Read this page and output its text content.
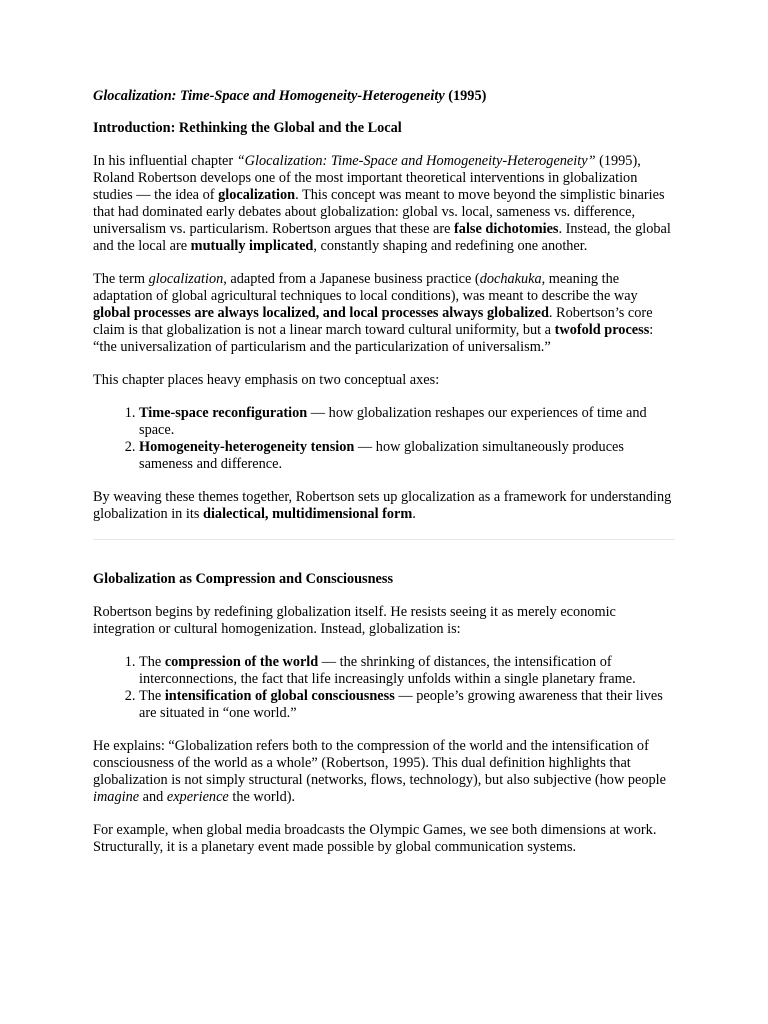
Glocalization: Time-Space and Homogeneity-Heterogeneity (1995)
Introduction: Rethinking the Global and the Local

In his influential chapter “Glocalization: Time-Space and Homogeneity-Heterogeneity” (1995), Roland Robertson develops one of the most important theoretical interventions in globalization studies — the idea of glocalization. This concept was meant to move beyond the simplistic binaries that had dominated early debates about globalization: global vs. local, sameness vs. difference, universalism vs. particularism. Robertson argues that these are false dichotomies. Instead, the global and the local are mutually implicated, constantly shaping and redefining one another.

The term glocalization, adapted from a Japanese business practice (dochakuka, meaning the adaptation of global agricultural techniques to local conditions), was meant to describe the way global processes are always localized, and local processes always globalized. Robertson’s core claim is that globalization is not a linear march toward cultural uniformity, but a twofold process: “the universalization of particularism and the particularization of universalism.”

This chapter places heavy emphasis on two conceptual axes:

1. Time-space reconfiguration — how globalization reshapes our experiences of time and space.
2. Homogeneity-heterogeneity tension — how globalization simultaneously produces sameness and difference.

By weaving these themes together, Robertson sets up glocalization as a framework for understanding globalization in its dialectical, multidimensional form.

Globalization as Compression and Consciousness

Robertson begins by redefining globalization itself. He resists seeing it as merely economic integration or cultural homogenization. Instead, globalization is:

1. The compression of the world — the shrinking of distances, the intensification of interconnections, the fact that life increasingly unfolds within a single planetary frame.
2. The intensification of global consciousness — people’s growing awareness that their lives are situated in “one world.”

He explains: “Globalization refers both to the compression of the world and the intensification of consciousness of the world as a whole” (Robertson, 1995). This dual definition highlights that globalization is not simply structural (networks, flows, technology), but also subjective (how people imagine and experience the world).

For example, when global media broadcasts the Olympic Games, we see both dimensions at work. Structurally, it is a planetary event made possible by global communication systems.
